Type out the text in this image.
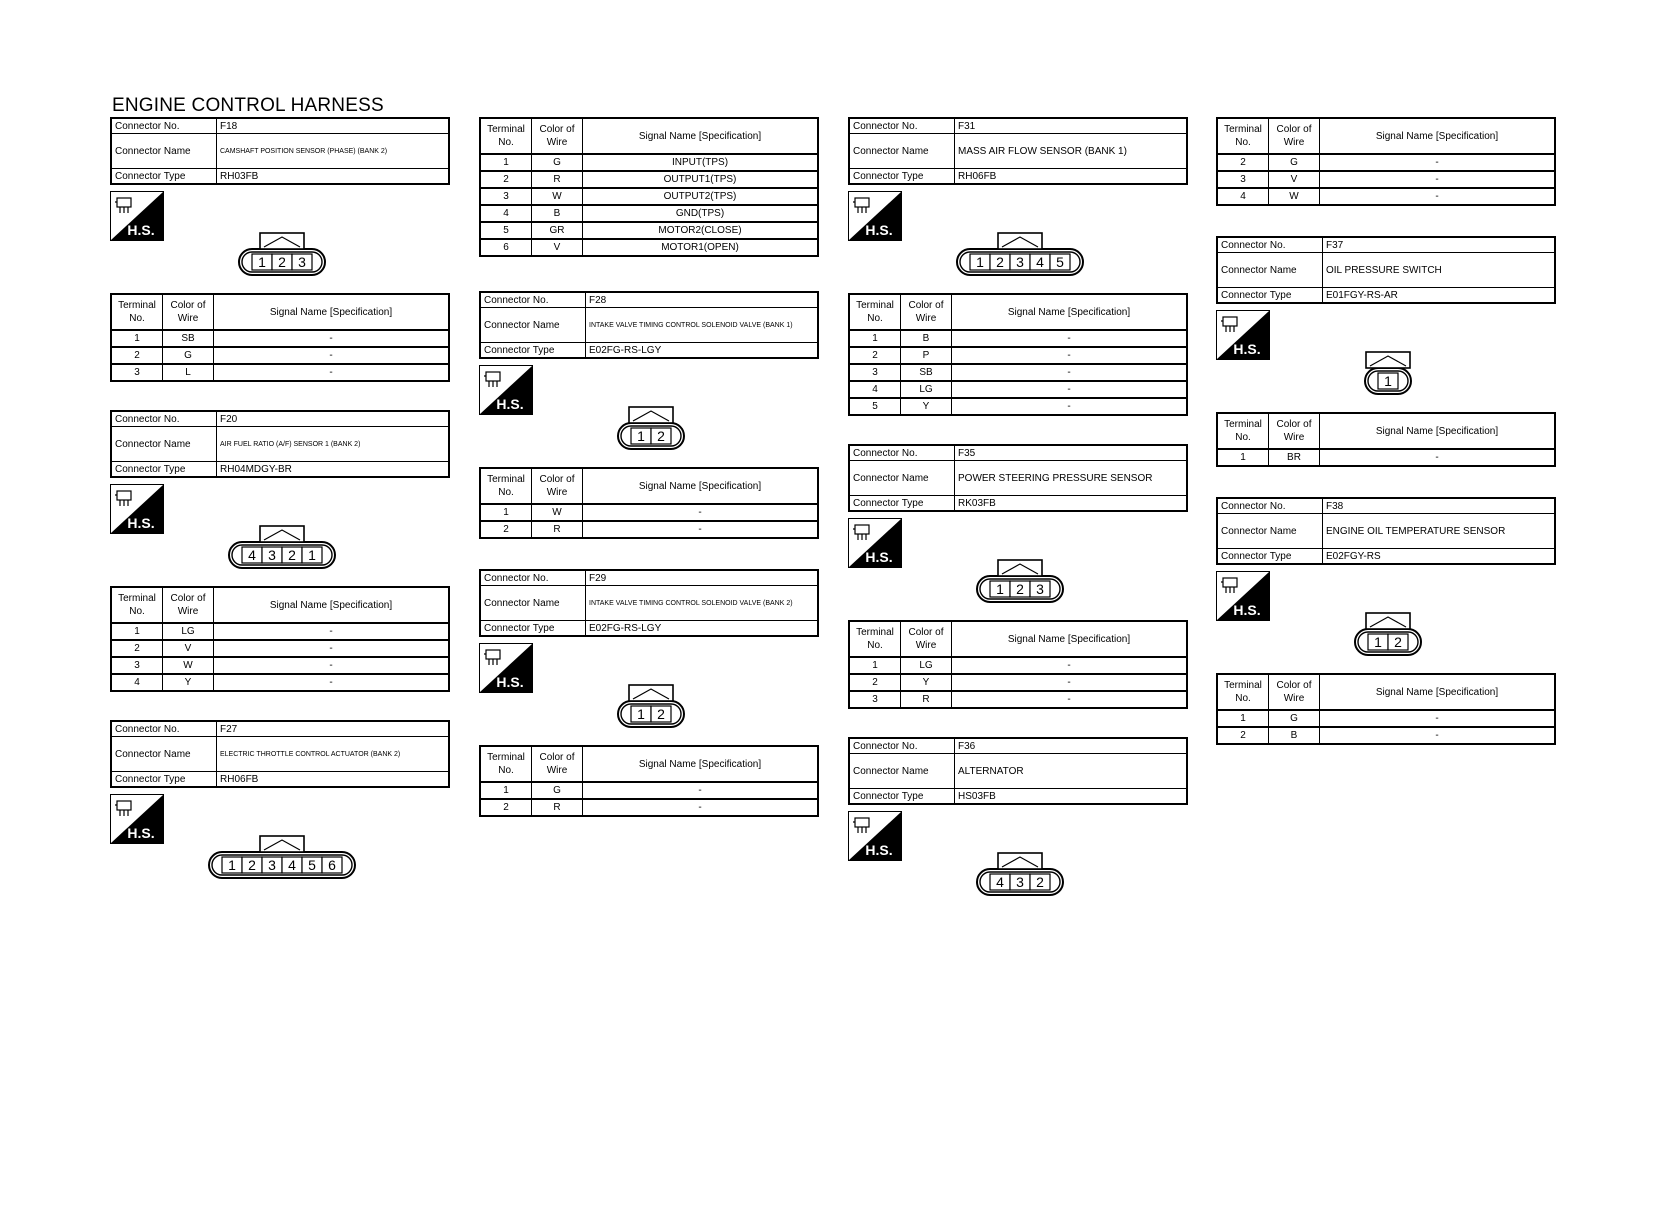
ENGINE CONTROL HARNESS
Connector No.	F18
Connector Name	CAMSHAFT POSITION SENSOR (PHASE) (BANK 2)
Connector Type	RH03FB
H.S.
1 2 3
Terminal No.	Color of Wire	Signal Name [Specification]
1	SB	-
2	G	-
3	L	-
Connector No.	F20
Connector Name	AIR FUEL RATIO (A/F) SENSOR 1 (BANK 2)
Connector Type	RH04MDGY-BR
H.S.
4 3 2 1
Terminal No.	Color of Wire	Signal Name [Specification]
1	LG	-
2	V	-
3	W	-
4	Y	-
Connector No.	F27
Connector Name	ELECTRIC THROTTLE CONTROL ACTUATOR (BANK 2)
Connector Type	RH06FB
H.S.
1 2 3 4 5 6
Terminal No.	Color of Wire	Signal Name [Specification]
1	G	INPUT(TPS)
2	R	OUTPUT1(TPS)
3	W	OUTPUT2(TPS)
4	B	GND(TPS)
5	GR	MOTOR2(CLOSE)
6	V	MOTOR1(OPEN)
Connector No.	F28
Connector Name	INTAKE VALVE TIMING CONTROL SOLENOID VALVE (BANK 1)
Connector Type	E02FG-RS-LGY
H.S.
1 2
Terminal No.	Color of Wire	Signal Name [Specification]
1	W	-
2	R	-
Connector No.	F29
Connector Name	INTAKE VALVE TIMING CONTROL SOLENOID VALVE (BANK 2)
Connector Type	E02FG-RS-LGY
H.S.
1 2
Terminal No.	Color of Wire	Signal Name [Specification]
1	G	-
2	R	-
Connector No.	F31
Connector Name	MASS AIR FLOW SENSOR (BANK 1)
Connector Type	RH06FB
H.S.
1 2 3 4 5
Terminal No.	Color of Wire	Signal Name [Specification]
1	B	-
2	P	-
3	SB	-
4	LG	-
5	Y	-
Connector No.	F35
Connector Name	POWER STEERING PRESSURE SENSOR
Connector Type	RK03FB
H.S.
1 2 3
Terminal No.	Color of Wire	Signal Name [Specification]
1	LG	-
2	Y	-
3	R	-
Connector No.	F36
Connector Name	ALTERNATOR
Connector Type	HS03FB
H.S.
4 3 2
Terminal No.	Color of Wire	Signal Name [Specification]
2	G	-
3	V	-
4	W	-
Connector No.	F37
Connector Name	OIL PRESSURE SWITCH
Connector Type	E01FGY-RS-AR
H.S.
1
Terminal No.	Color of Wire	Signal Name [Specification]
1	BR	-
Connector No.	F38
Connector Name	ENGINE OIL TEMPERATURE SENSOR
Connector Type	E02FGY-RS
H.S.
1 2
Terminal No.	Color of Wire	Signal Name [Specification]
1	G	-
2	B	-
